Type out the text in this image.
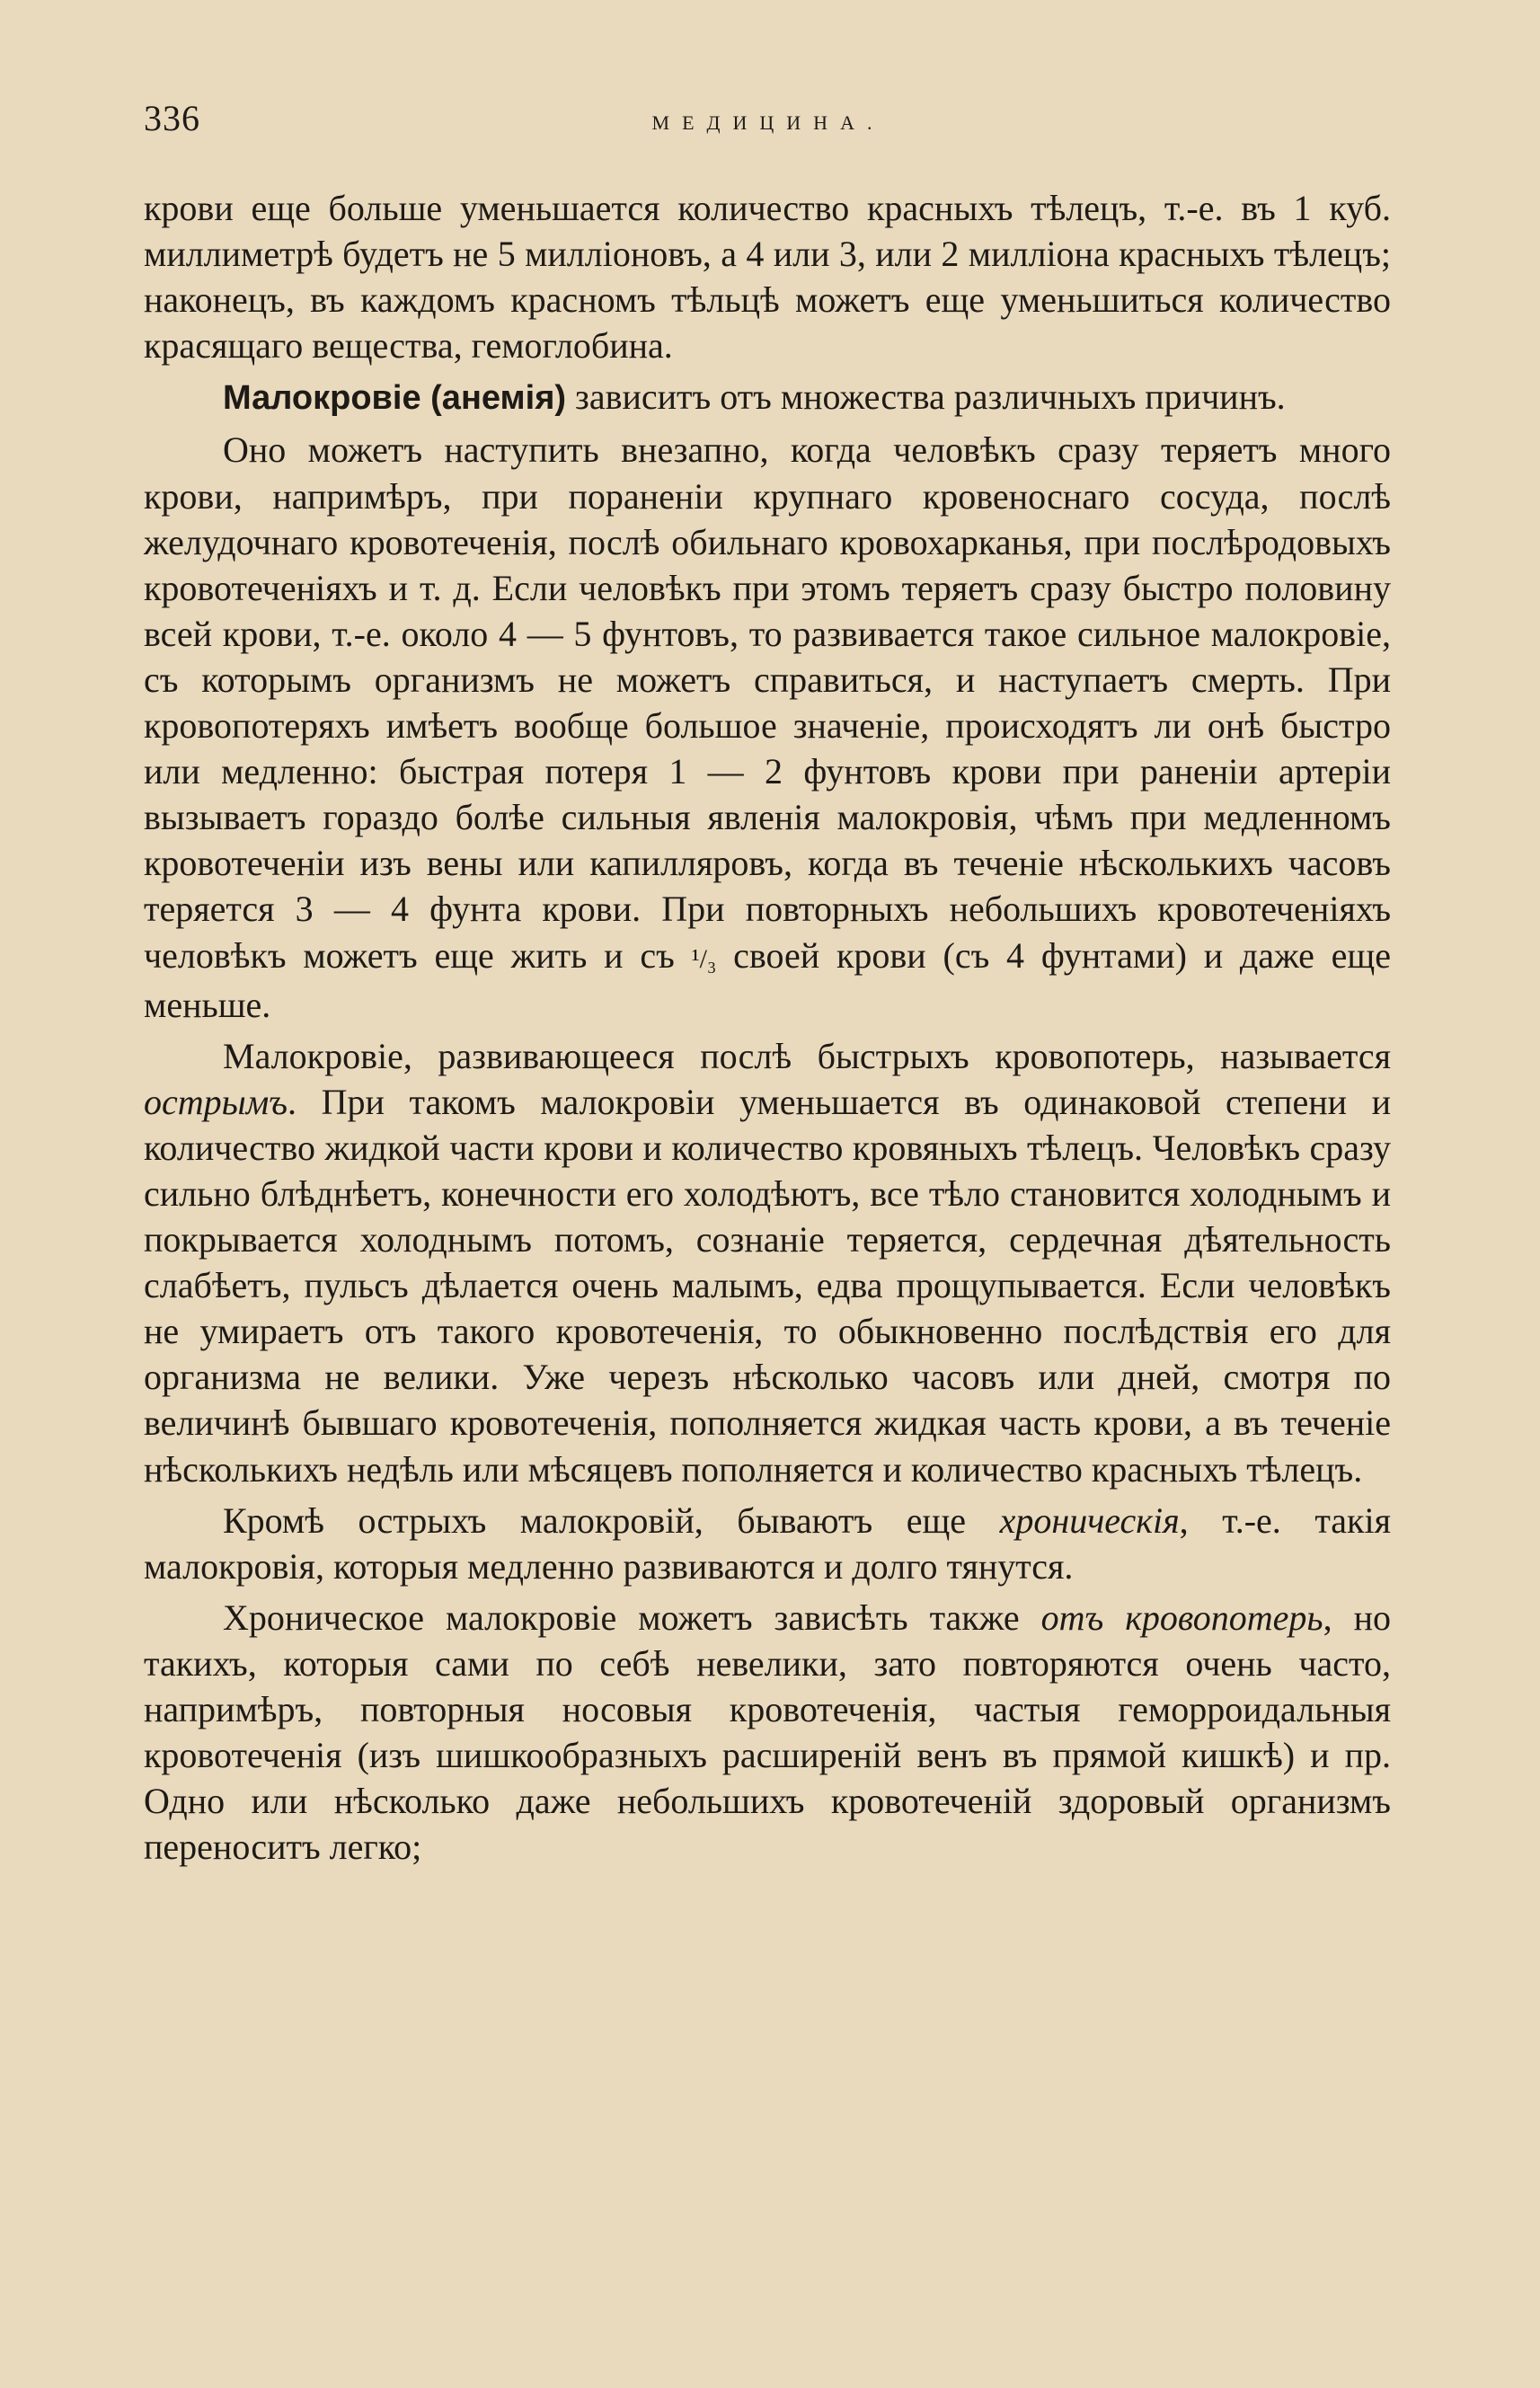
336	МЕДИЦИНА.

крови еще больше уменьшается количество красныхъ тѣлецъ, т.-е. въ 1 куб. миллиметрѣ будетъ не 5 милліоновъ, а 4 или 3, или 2 милліона красныхъ тѣлецъ; наконецъ, въ каждомъ красномъ тѣльцѣ можетъ еще уменьшиться количество красящаго вещества, гемоглобина.

Малокровіе (анемія) зависитъ отъ множества различныхъ причинъ.

Оно можетъ наступить внезапно, когда человѣкъ сразу теряетъ много крови, напримѣръ, при пораненіи крупнаго кровеноснаго сосуда, послѣ желудочнаго кровотеченія, послѣ обильнаго кровохарканья, при послѣродовыхъ кровотеченіяхъ и т. д. Если человѣкъ при этомъ теряетъ сразу быстро половину всей крови, т.-е. около 4 — 5 фунтовъ, то развивается такое сильное малокровіе, съ которымъ организмъ не можетъ справиться, и наступаетъ смерть. При кровопотеряхъ имѣетъ вообще большое значеніе, происходятъ ли онѣ быстро или медленно: быстрая потеря 1 — 2 фунтовъ крови при раненіи артеріи вызываетъ гораздо болѣе сильныя явленія малокровія, чѣмъ при медленномъ кровотеченіи изъ вены или капилляровъ, когда въ теченіе нѣсколькихъ часовъ теряется 3 — 4 фунта крови. При повторныхъ небольшихъ кровотеченіяхъ человѣкъ можетъ еще жить и съ ¹/₃ своей крови (съ 4 фунтами) и даже еще меньше.

Малокровіе, развивающееся послѣ быстрыхъ кровопотерь, называется острымъ. При такомъ малокровіи уменьшается въ одинаковой степени и количество жидкой части крови и количество кровяныхъ тѣлецъ. Человѣкъ сразу сильно блѣднѣетъ, конечности его холодѣютъ, все тѣло становится холоднымъ и покрывается холоднымъ потомъ, сознаніе теряется, сердечная дѣятельность слабѣетъ, пульсъ дѣлается очень малымъ, едва прощупывается. Если человѣкъ не умираетъ отъ такого кровотеченія, то обыкновенно послѣдствія его для организма не велики. Уже черезъ нѣсколько часовъ или дней, смотря по величинѣ бывшаго кровотеченія, пополняется жидкая часть крови, а въ теченіе нѣсколькихъ недѣль или мѣсяцевъ пополняется и количество красныхъ тѣлецъ.

Кромѣ острыхъ малокровій, бываютъ еще хроническія, т.-е. такія малокровія, которыя медленно развиваются и долго тянутся.

Хроническое малокровіе можетъ зависѣть также отъ кровопотерь, но такихъ, которыя сами по себѣ невелики, зато повторяются очень часто, напримѣръ, повторныя носовыя кровотеченія, частыя геморроидальныя кровотеченія (изъ шишкообразныхъ расширеній венъ въ прямой кишкѣ) и пр. Одно или нѣсколько даже небольшихъ кровотеченій здоровый организмъ переноситъ легко;
